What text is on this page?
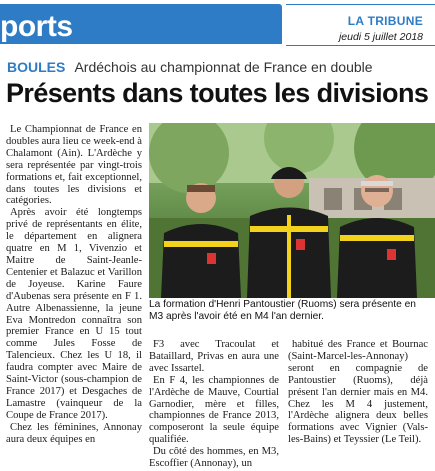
ports	LA TRIBUNE
jeudi 5 juillet 2018
BOULES Ardéchois au championnat de France en double
Présents dans toutes les divisions

Le Championnat de France en doubles aura lieu ce week-end à Chalamont (Ain). L'Ardèche y sera représentée par vingt-trois formations et, fait exceptionnel, dans toutes les divisions et catégories.

Après avoir été longtemps privé de représentants en élite, le département en alignera quatre en M 1, Vivenzio et Maitre de Saint-Jeanle-Centenier et Balazuc et Varillon de Joyeuse. Karine Faure d'Aubenas sera présente en F 1. Autre Albenassienne, la jeune Eva Montredon connaîtra son premier France en U 15 tout comme Jules Fosse de Talencieux. Chez les U 18, il faudra compter avec Maire de Saint-Victor (sous-champion de France 2017) et Desgaches de Lamastre (vainqueur de la Coupe de France 2017).

Chez les féminines, Annonay aura deux équipes en

La formation d'Henri Pantoustier (Ruoms) sera présente en M3 après l'avoir été en M4 l'an dernier.

F3 avec Tracoulat et Bataillard, Privas en aura une avec Issartel.

En F 4, les championnes de l'Ardèche de Mauve, Courtial Garnodier, mère et filles, championnes de France 2013, composeront la seule équipe qualifiée.

Du côté des hommes, en M3, Escoffier (Annonay), un

habitué des France et Bournac (Saint-Marcel-les-Annonay) seront en compagnie de Pantoustier (Ruoms), déjà présent l'an dernier mais en M4. Chez les M 4 justement, l'Ardèche alignera deux belles formations avec Vignier (Vals-les-Bains) et Teyssier (Le Teil).
